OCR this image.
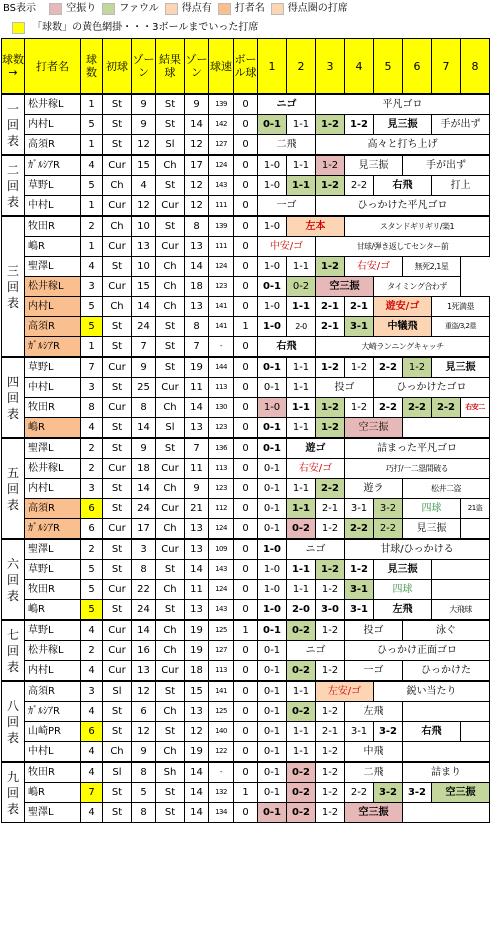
BS表示	空振り ファウル 得点有 打者名 得点圏の打席
「球数」の黄色網掛・・・3ボールまでいった打席
球数→	打者名	球数	初球	ゾーン	結果球	ゾーン	球速	ボール球	1	2	3	4	5	6	7	8
一回表	松井稼L	1	St	9	St	9	139	0	ニゴ		平凡ゴロ					
	内村L	5	St	9	St	14	142	0	0-1	1-1	1-2	1-2	見三振		手が出ず	
	高須R	1	St	12	Sl	12	127	0	二飛		高々と打ち上げ					
二回表	ｶﾞﾙｼｱR	4	Cur	15	Ch	17	124	0	1-0	1-1	1-2	見三振		手が出ず		
	草野L	5	Ch	4	St	12	143	0	1-0	1-1	1-2	2-2	右飛		打上	
	中村L	1	Cur	12	Cur	12	111	0	一ゴ		ひっかけた平凡ゴロ					
三回表	牧田R	2	Ch	10	St	8	139	0	1-0	左本		スタンドギリギリ/楽1				
	嶋R	1	Cur	13	Cur	13	111	0	中安/ゴ		甘球/弾き返してセンター前					
	聖澤L	4	St	10	Ch	14	124	0	1-0	1-1	1-2	右安/ゴ		無死2,1星		
	松井稼L	3	Cur	15	Ch	18	123	0	0-1	0-2	空三振		タイミング合わず			
	内村L	5	Ch	14	Ch	13	141	0	1-0	1-1	2-1	2-1	遊安/ゴ		1死満塁	
	高須R	5	St	24	St	8	141	1	1-0	2-0	2-1	3-1	中犠飛		重盗/3,2塁	
	ｶﾞﾙｼｱR	1	St	7	St	7	-	0	右飛		大崎ランニングキャッチ					
四回表	草野L	7	Cur	9	St	19	144	0	0-1	1-1	1-2	1-2	2-2	1-2	見三振	
	中村L	3	St	25	Cur	11	113	0	0-1	1-1	投ゴ		ひっかけたゴロ			
	牧田R	8	Cur	8	Ch	14	130	0	1-0	1-1	1-2	1-2	2-2	2-2	2-2	右安二
	嶋R	4	St	14	Sl	13	123	0	0-1	1-1	1-2	空三振				
五回表	聖澤L	2	St	9	St	7	136	0	0-1	遊ゴ		詰まった平凡ゴロ				
	松井稼L	2	Cur	18	Cur	11	113	0	0-1	右安/ゴ		巧打/一二塁間破る				
	内村L	3	St	14	Ch	9	123	0	0-1	1-1	2-2	遊ラ		松井二盗		
	高須R	6	St	24	Cur	21	112	0	0-1	1-1	2-1	3-1	3-2	四球		21盗
	ｶﾞﾙｼｱR	6	Cur	17	Ch	13	124	0	0-1	0-2	1-2	2-2	2-2	見三振		
六回表	聖澤L	2	St	3	Cur	13	109	0	1-0	ニゴ		甘球/ひっかける				
	草野L	5	St	8	St	14	143	0	1-0	1-1	1-2	1-2	見三振			
	牧田R	5	Cur	22	Ch	11	124	0	1-0	1-1	1-2	3-1	四球			
	嶋R	5	St	24	St	13	143	0	1-0	2-0	3-0	3-1	左飛		大飛球	
七回表	草野L	4	Cur	14	Ch	19	125	1	0-1	0-2	1-2	投ゴ		泳ぐ		
	松井稼L	2	Cur	16	Ch	19	127	0	0-1	ニゴ		ひっかけ正面ゴロ				
	内村L	4	Cur	13	Cur	18	113	0	0-1	0-2	1-2	一ゴ		ひっかけた		
八回表	高須R	3	Sl	12	St	15	141	0	0-1	1-1	左安/ゴ		鋭い当たり			
	ｶﾞﾙｼｱR	4	St	6	Ch	13	125	0	0-1	0-2	1-2	左飛				
	山崎PR	6	St	12	St	12	140	0	0-1	1-1	2-1	3-1	3-2	右飛		
	中村L	4	Ch	9	Ch	19	122	0	0-1	1-1	1-2	中飛				
九回表	牧田R	4	Sl	8	Sh	14	-	0	0-1	0-2	1-2	二飛		詰まり		
	嶋R	7	St	5	St	14	132	1	0-1	0-2	1-2	2-2	3-2	3-2	空三振	
	聖澤L	4	St	8	St	14	134	0	0-1	0-2	1-2	空三振				
